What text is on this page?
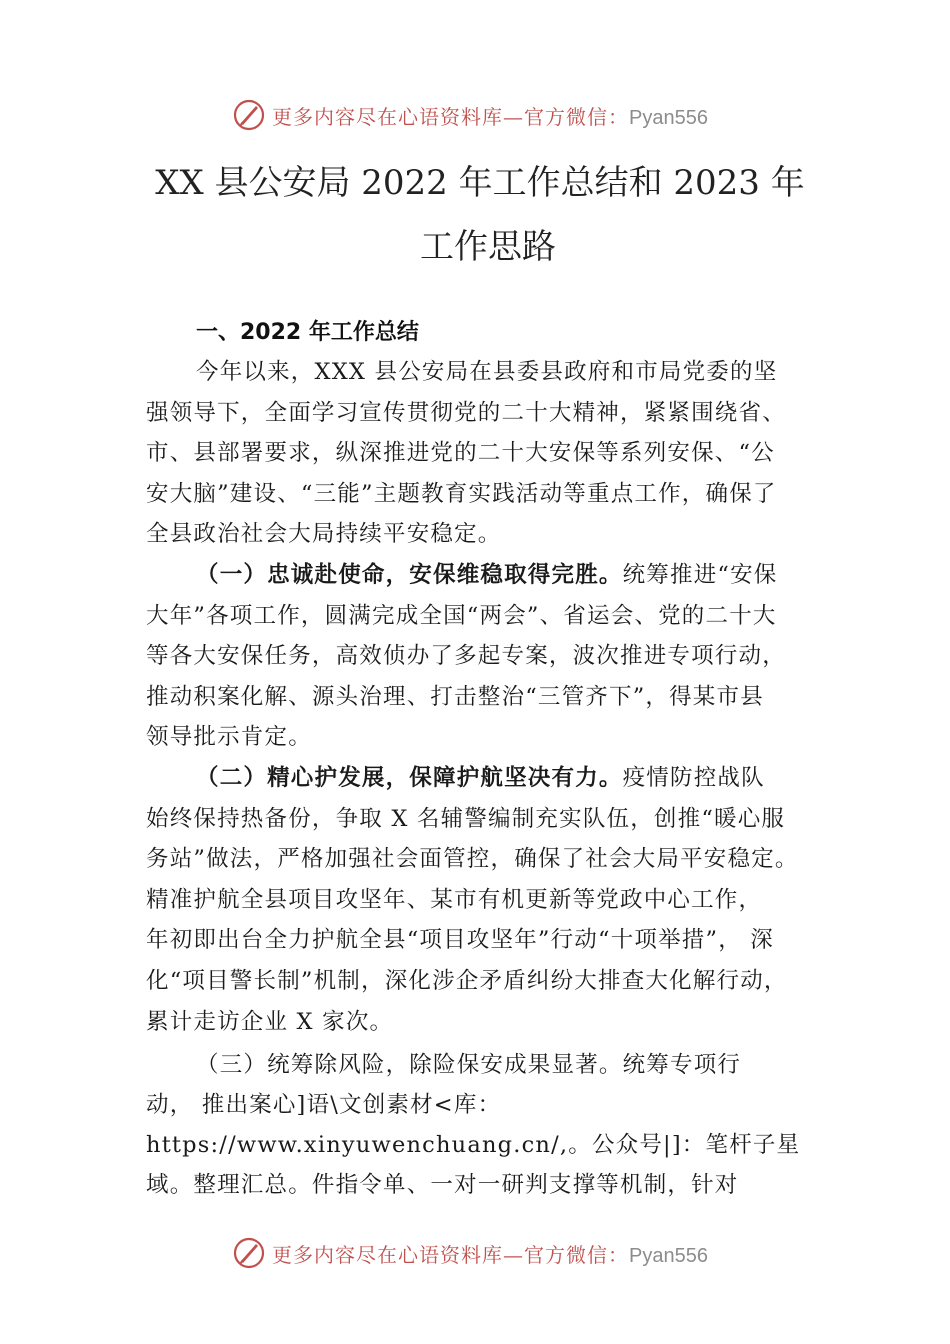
更多内容尽在心语资料库—官方微信：Pyan556
XX 县公安局 2022 年工作总结和 2023 年
工作思路
一、2022 年工作总结
今年以来，XXX 县公安局在县委县政府和市局党委的坚
强领导下，全面学习宣传贯彻党的二十大精神，紧紧围绕省、
市、县部署要求，纵深推进党的二十大安保等系列安保、“公
安大脑”建设、“三能”主题教育实践活动等重点工作，确保了
全县政治社会大局持续平安稳定。
（一）忠诚赴使命，安保维稳取得完胜。统筹推进“安保
大年”各项工作，圆满完成全国“两会”、省运会、党的二十大
等各大安保任务，高效侦办了多起专案，波次推进专项行动，
推动积案化解、源头治理、打击整治“三管齐下”，得某市县
领导批示肯定。
（二）精心护发展，保障护航坚决有力。疫情防控战队
始终保持热备份，争取 X 名辅警编制充实队伍，创推“暖心服
务站”做法，严格加强社会面管控，确保了社会大局平安稳定。
精准护航全县项目攻坚年、某市有机更新等党政中心工作，
年初即出台全力护航全县“项目攻坚年”行动“十项举措”， 深
化“项目警长制”机制，深化涉企矛盾纠纷大排查大化解行动，
累计走访企业 X 家次。
（三）统筹除风险，除险保安成果显著。统筹专项行
动， 推出案心]语\文创素材<库：
https://www.xinyuwenchuang.cn/,。公众号|]：笔杆子星
域。整理汇总。件指令单、一对一研判支撑等机制，针对
更多内容尽在心语资料库—官方微信：Pyan556
